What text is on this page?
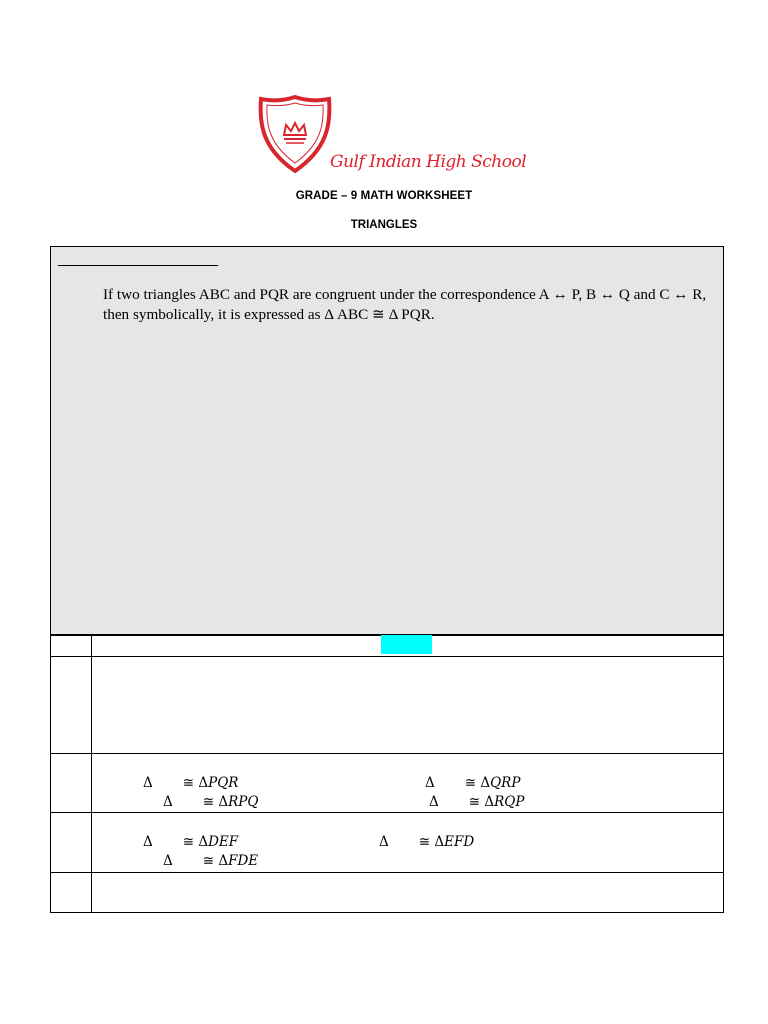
Gulf Indian High School
GRADE – 9 MATH WORKSHEET
TRIANGLES
If two triangles ABC and PQR are congruent under the correspondence A ↔ P, B ↔ Q and C ↔ R, then symbolically, it is expressed as Δ ABC ≅ Δ PQR.
Δ ≅ ΔPQR	Δ ≅ ΔQRP
Δ ≅ ΔRPQ	Δ ≅ ΔRQP
Δ ≅ ΔDEF	Δ ≅ ΔEFD
Δ ≅ ΔFDE
